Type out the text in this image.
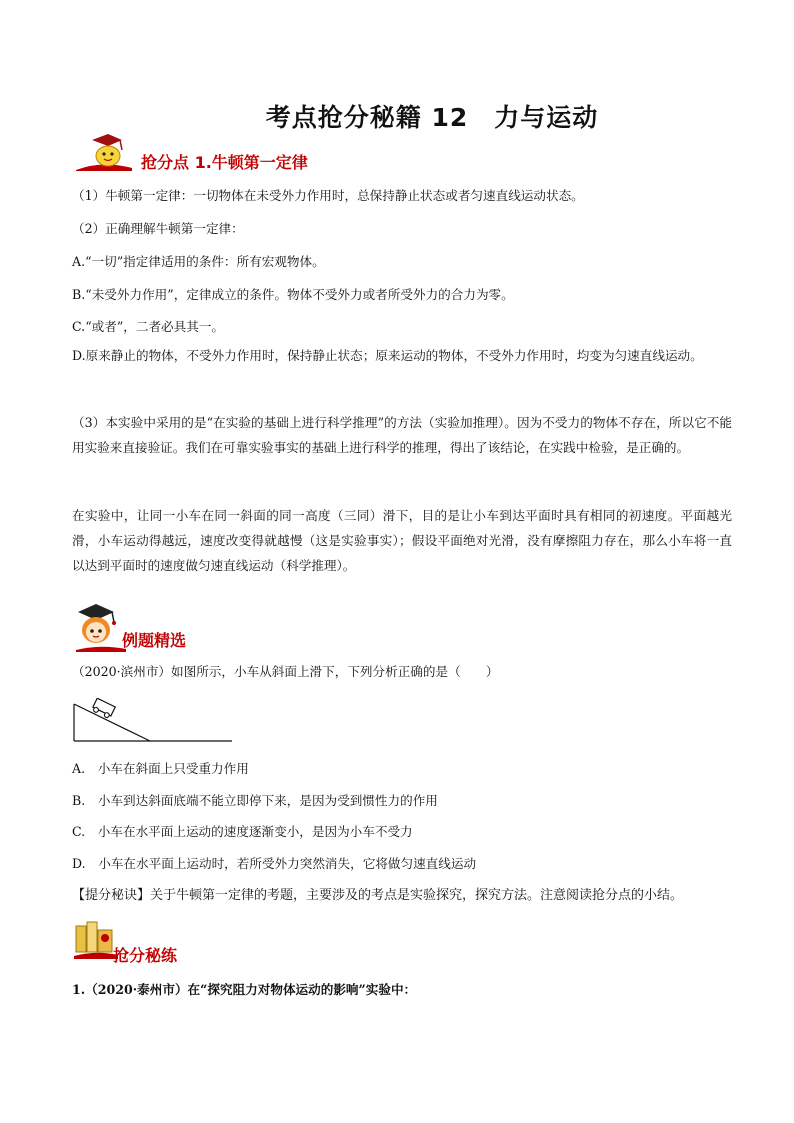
考点抢分秘籍 12　力与运动
抢分点 1.牛顿第一定律
（1）牛顿第一定律：一切物体在未受外力作用时，总保持静止状态或者匀速直线运动状态。
（2）正确理解牛顿第一定律：
A.“一切”指定律适用的条件：所有宏观物体。
B.“未受外力作用”，定律成立的条件。物体不受外力或者所受外力的合力为零。
C.“或者”，二者必具其一。
D.原来静止的物体，不受外力作用时，保持静止状态；原来运动的物体，不受外力作用时，均变为匀速直线运动。
（3）本实验中采用的是“在实验的基础上进行科学推理”的方法（实验加推理）。因为不受力的物体不存在，所以它不能用实验来直接验证。我们在可靠实验事实的基础上进行科学的推理，得出了该结论，在实践中检验，是正确的。
在实验中，让同一小车在同一斜面的同一高度（三同）滑下，目的是让小车到达平面时具有相同的初速度。平面越光滑，小车运动得越远，速度改变得就越慢（这是实验事实）；假设平面绝对光滑，没有摩擦阻力存在，那么小车将一直以达到平面时的速度做匀速直线运动（科学推理）。
例题精选
（2020·滨州市）如图所示，小车从斜面上滑下，下列分析正确的是（　　）
A.　小车在斜面上只受重力作用
B.　小车到达斜面底端不能立即停下来，是因为受到惯性力的作用
C.　小车在水平面上运动的速度逐渐变小，是因为小车不受力
D.　小车在水平面上运动时，若所受外力突然消失，它将做匀速直线运动
【提分秘诀】关于牛顿第一定律的考题，主要涉及的考点是实验探究，探究方法。注意阅读抢分点的小结。
抢分秘练
1.（2020·泰州市）在“探究阻力对物体运动的影响”实验中：
